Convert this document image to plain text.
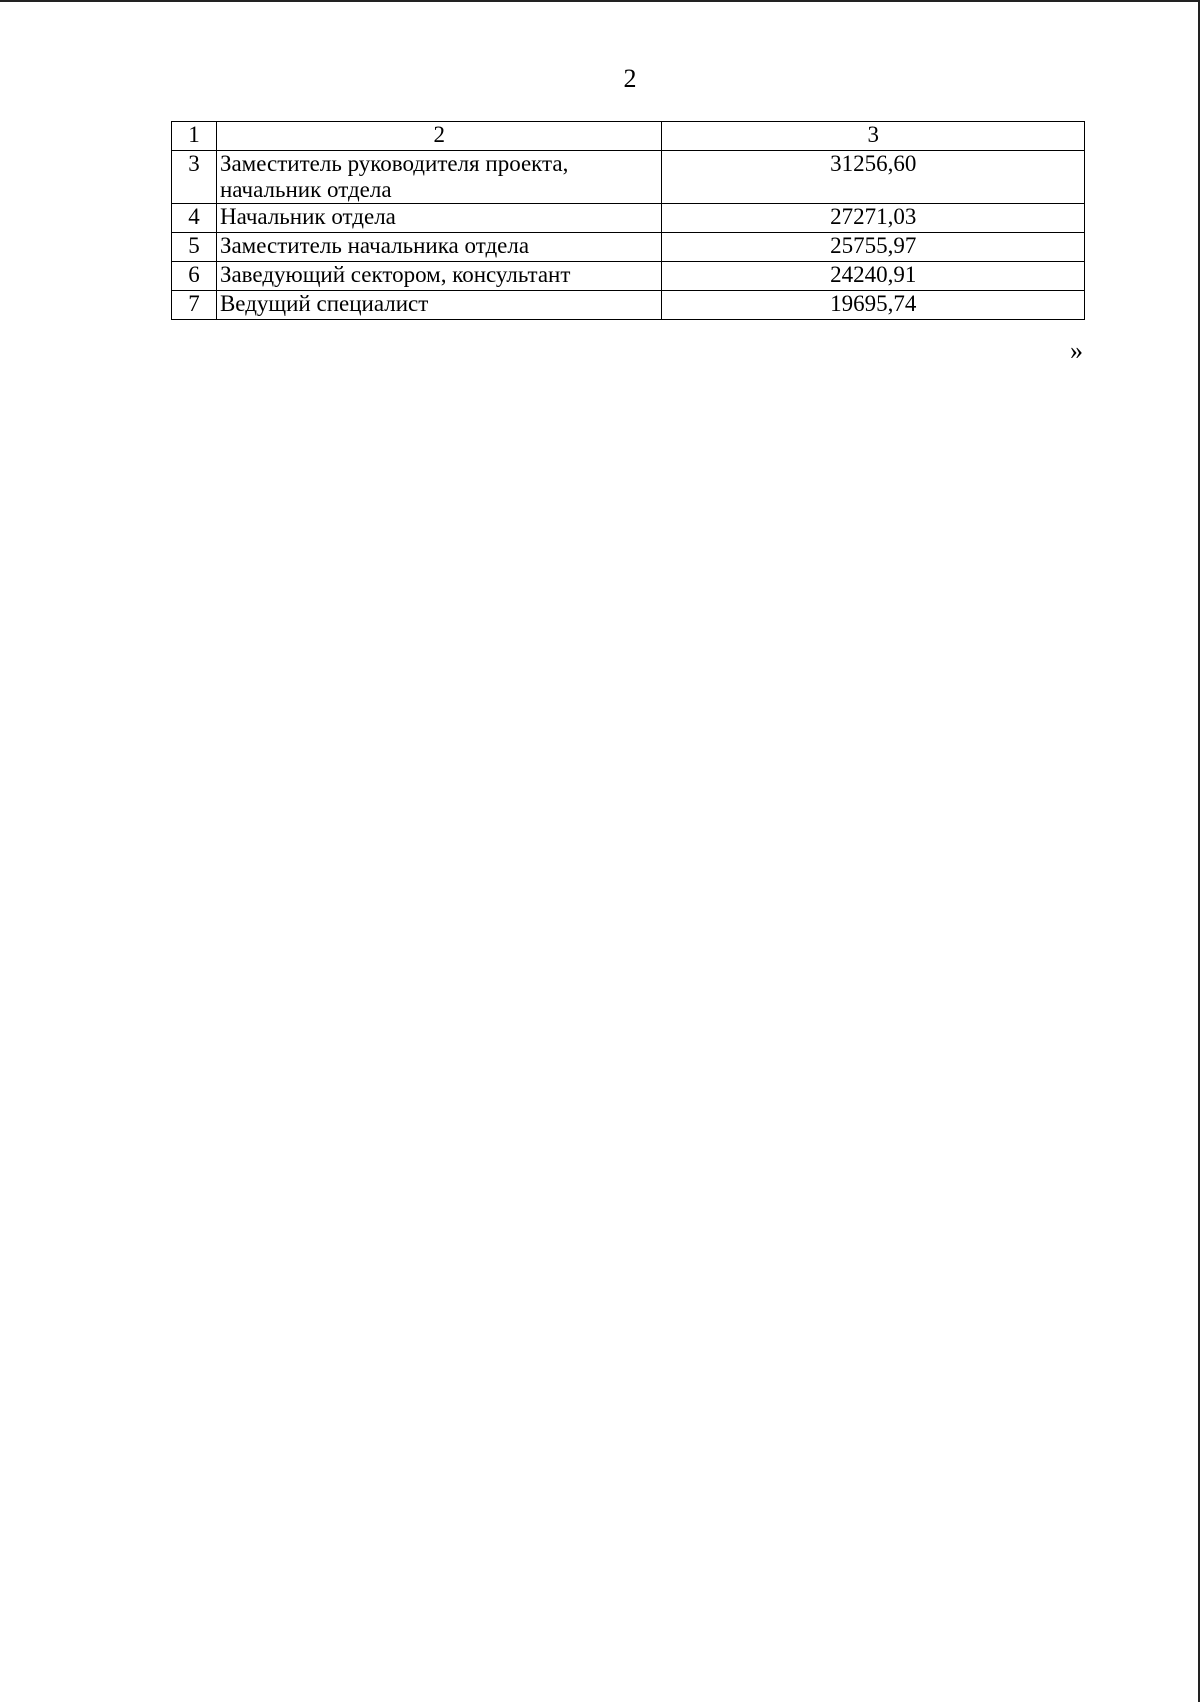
2
1	2	3
3	Заместитель руководителя проекта, начальник отдела	31256,60
4	Начальник отдела	27271,03
5	Заместитель начальника отдела	25755,97
6	Заведующий сектором, консультант	24240,91
7	Ведущий специалист	19695,74
»
